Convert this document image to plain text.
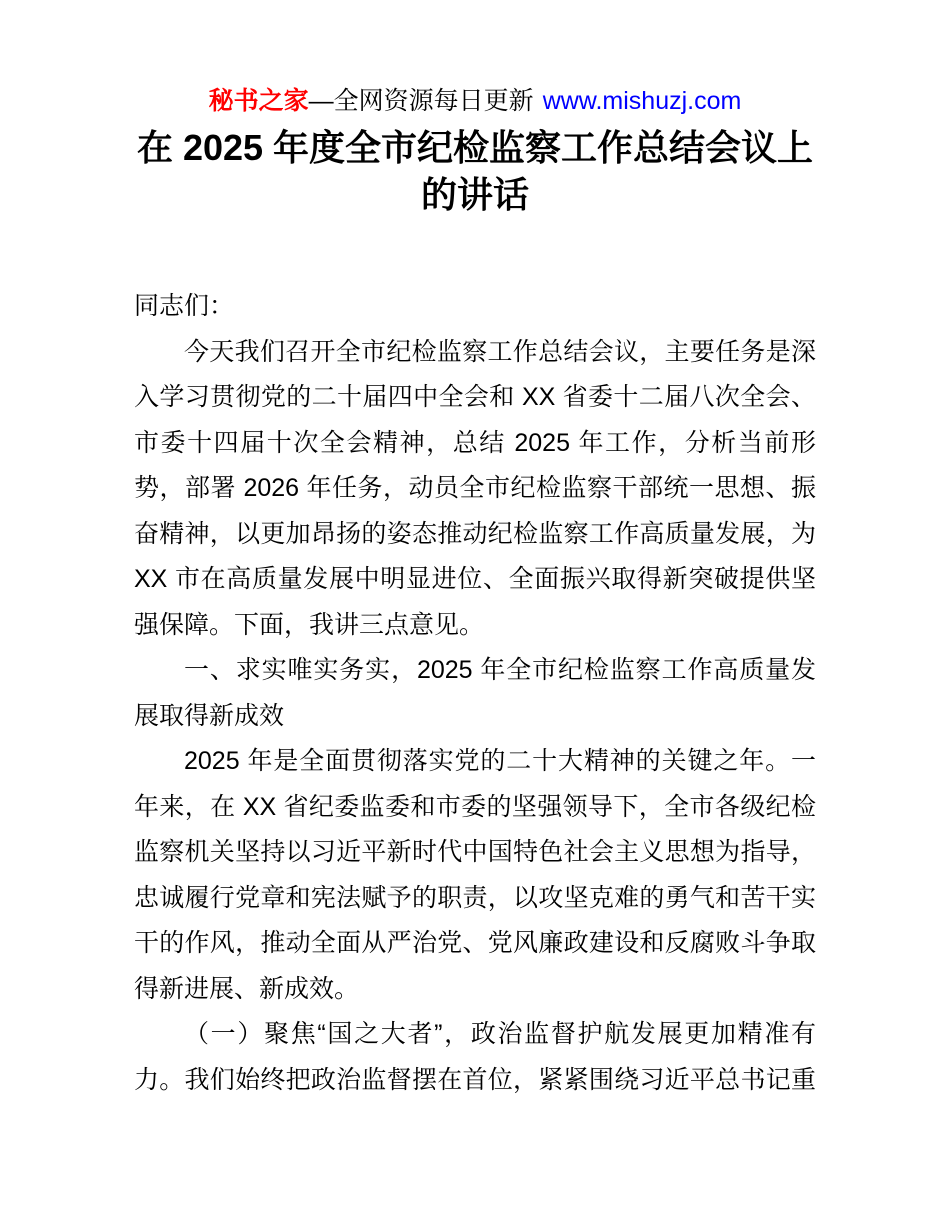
秘书之家—全网资源每日更新 www.mishuzj.com
在 2025 年度全市纪检监察工作总结会议上
的讲话
同志们：
今天我们召开全市纪检监察工作总结会议，主要任务是深
入学习贯彻党的二十届四中全会和 XX 省委十二届八次全会、
市委十四届十次全会精神，总结 2025 年工作，分析当前形
势，部署 2026 年任务，动员全市纪检监察干部统一思想、振
奋精神，以更加昂扬的姿态推动纪检监察工作高质量发展，为
XX 市在高质量发展中明显进位、全面振兴取得新突破提供坚
强保障。下面，我讲三点意见。
一、求实唯实务实，2025 年全市纪检监察工作高质量发
展取得新成效
2025 年是全面贯彻落实党的二十大精神的关键之年。一
年来，在 XX 省纪委监委和市委的坚强领导下，全市各级纪检
监察机关坚持以习近平新时代中国特色社会主义思想为指导，
忠诚履行党章和宪法赋予的职责，以攻坚克难的勇气和苦干实
干的作风，推动全面从严治党、党风廉政建设和反腐败斗争取
得新进展、新成效。
（一）聚焦“国之大者”，政治监督护航发展更加精准有
力。我们始终把政治监督摆在首位，紧紧围绕习近平总书记重
